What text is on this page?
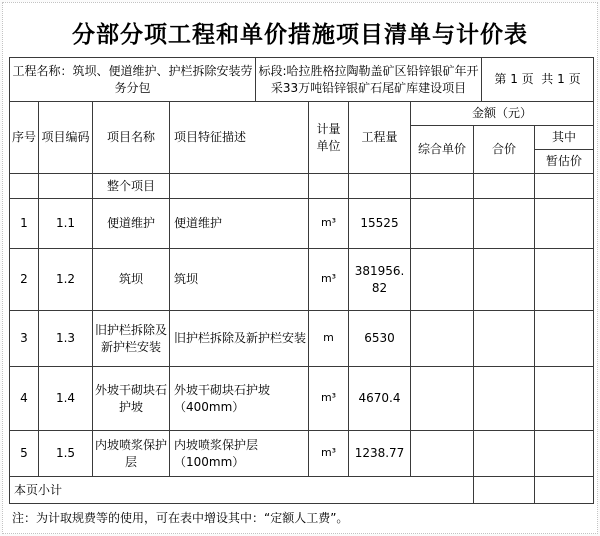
分部分项工程和单价措施项目清单与计价表
工程名称：筑坝、便道维护、护栏拆除安装劳务分包	标段:哈拉胜格拉陶勒盖矿区铅锌银矿年开采33万吨铅锌银矿石尾矿库建设项目	第 1 页  共 1 页
序号	项目编码	项目名称	项目特征描述	计量单位	工程量	金额（元）		
						综合单价	合价	其中
								暂估价
		整个项目						
1	1.1	便道维护	便道维护	m³	15525			
2	1.2	筑坝	筑坝	m³	381956.82			
3	1.3	旧护栏拆除及新护栏安装	旧护栏拆除及新护栏安装	m	6530			
4	1.4	外坡干砌块石护坡	外坡干砌块石护坡（400mm）	m³	4670.4			
5	1.5	内坡喷浆保护层	内坡喷浆保护层（100mm）	m³	1238.77			
本页小计								
注：为计取规费等的使用，可在表中增设其中：“定额人工费”。
